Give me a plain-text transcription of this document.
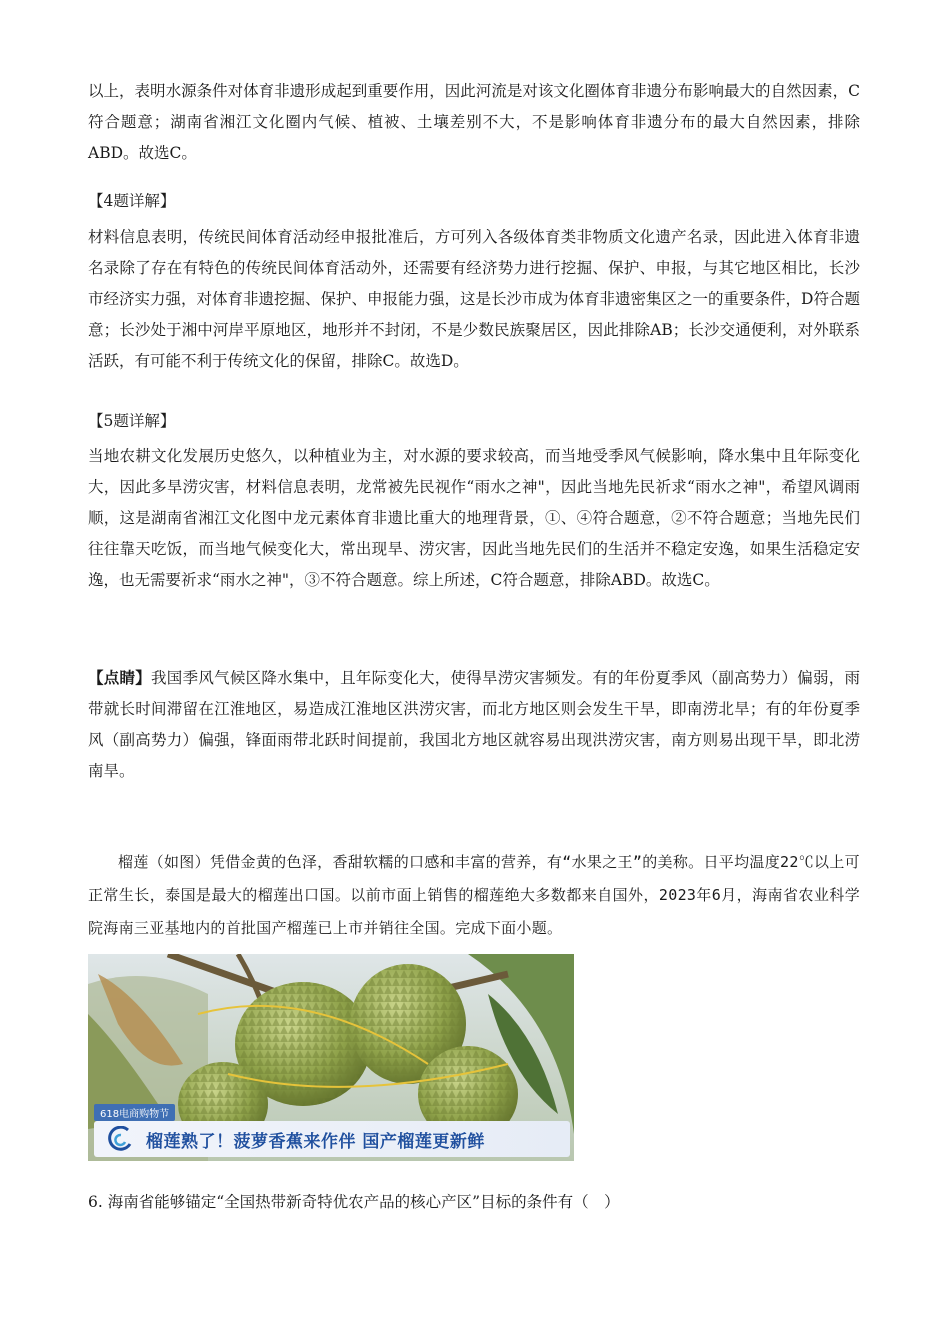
以上，表明水源条件对体育非遗形成起到重要作用，因此河流是对该文化圈体育非遗分布影响最大的自然因素，C符合题意；湖南省湘江文化圈内气候、植被、土壤差别不大，不是影响体育非遗分布的最大自然因素，排除ABD。故选C。
【4题详解】
材料信息表明，传统民间体育活动经申报批准后，方可列入各级体育类非物质文化遗产名录，因此进入体育非遗名录除了存在有特色的传统民间体育活动外，还需要有经济势力进行挖掘、保护、申报，与其它地区相比，长沙市经济实力强，对体育非遗挖掘、保护、申报能力强，这是长沙市成为体育非遗密集区之一的重要条件，D符合题意；长沙处于湘中河岸平原地区，地形并不封闭，不是少数民族聚居区，因此排除AB；长沙交通便利，对外联系活跃，有可能不利于传统文化的保留，排除C。故选D。
【5题详解】
当地农耕文化发展历史悠久，以种植业为主，对水源的要求较高，而当地受季风气候影响，降水集中且年际变化大，因此多旱涝灾害，材料信息表明，龙常被先民视作“雨水之神"，因此当地先民祈求“雨水之神"，希望风调雨顺，这是湖南省湘江文化图中龙元素体育非遗比重大的地理背景，①、④符合题意，②不符合题意；当地先民们往往靠天吃饭，而当地气候变化大，常出现旱、涝灾害，因此当地先民们的生活并不稳定安逸，如果生活稳定安逸，也无需要祈求“雨水之神"，③不符合题意。综上所述，C符合题意，排除ABD。故选C。
【点睛】我国季风气候区降水集中，且年际变化大，使得旱涝灾害频发。有的年份夏季风（副高势力）偏弱，雨带就长时间滞留在江淮地区，易造成江淮地区洪涝灾害，而北方地区则会发生干旱，即南涝北旱；有的年份夏季风（副高势力）偏强，锋面雨带北跃时间提前，我国北方地区就容易出现洪涝灾害，南方则易出现干旱，即北涝南旱。
榴莲（如图）凭借金黄的色泽，香甜软糯的口感和丰富的营养，有“水果之王”的美称。日平均温度22℃以上可正常生长，泰国是最大的榴莲出口国。以前市面上销售的榴莲绝大多数都来自国外，2023年6月，海南省农业科学院海南三亚基地内的首批国产榴莲已上市并销往全国。完成下面小题。
618电商购物节
榴莲熟了！菠萝香蕉来作伴 国产榴莲更新鲜
6. 海南省能够锚定“全国热带新奇特优农产品的核心产区”目标的条件有（　）
